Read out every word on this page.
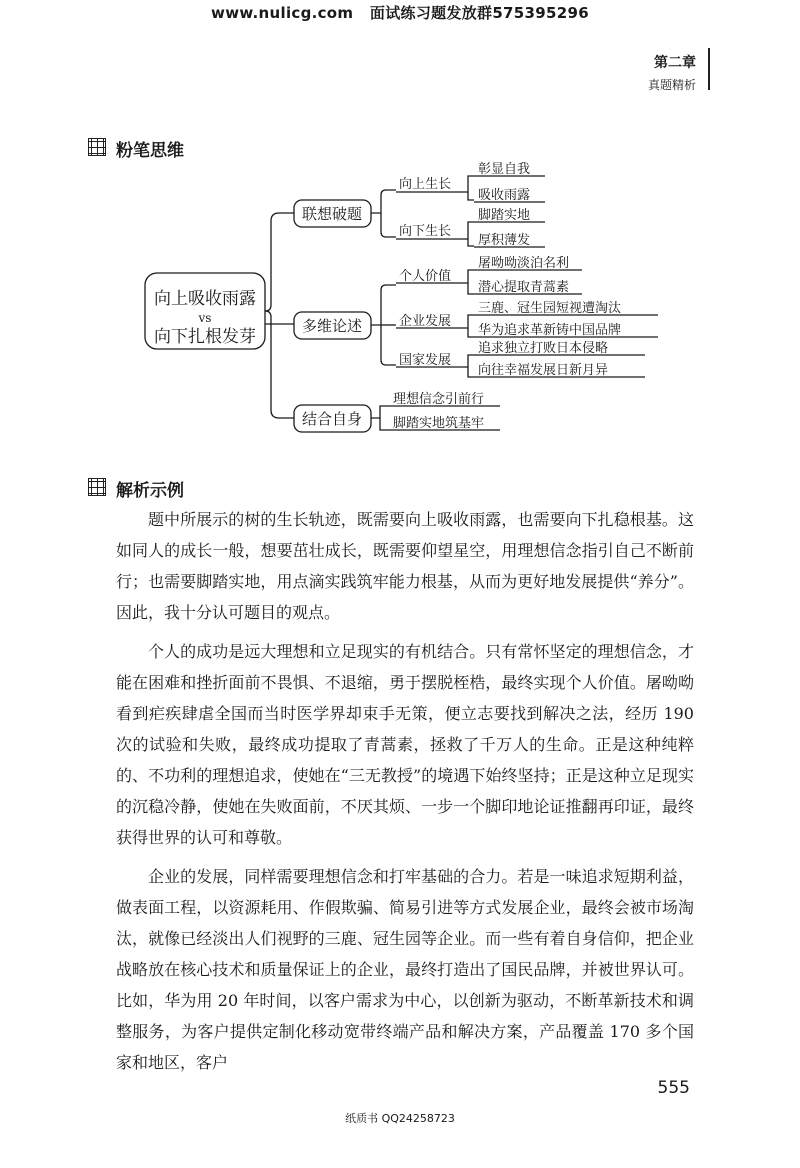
www.nulicg.com 面试练习题发放群575395296
第二章
真题精析
粉笔思维
向上吸收雨露
vs
向下扎根发芽
联想破题
多维论述
结合自身
向上生长
向下生长
彰显自我
吸收雨露
脚踏实地
厚积薄发
个人价值
企业发展
国家发展
屠呦呦淡泊名利
潜心提取青蒿素
三鹿、冠生园短视遭淘汰
华为追求革新铸中国品牌
追求独立打败日本侵略
向往幸福发展日新月异
理想信念引前行
脚踏实地筑基牢
解析示例

题中所展示的树的生长轨迹，既需要向上吸收雨露，也需要向下扎稳根基。这如同人的成长一般，想要茁壮成长，既需要仰望星空，用理想信念指引自己不断前行；也需要脚踏实地，用点滴实践筑牢能力根基，从而为更好地发展提供“养分”。因此，我十分认可题目的观点。

个人的成功是远大理想和立足现实的有机结合。只有常怀坚定的理想信念，才能在困难和挫折面前不畏惧、不退缩，勇于摆脱桎梏，最终实现个人价值。屠呦呦看到疟疾肆虐全国而当时医学界却束手无策，便立志要找到解决之法，经历 190 次的试验和失败，最终成功提取了青蒿素，拯救了千万人的生命。正是这种纯粹的、不功利的理想追求，使她在“三无教授”的境遇下始终坚持；正是这种立足现实的沉稳冷静，使她在失败面前，不厌其烦、一步一个脚印地论证推翻再印证，最终获得世界的认可和尊敬。

企业的发展，同样需要理想信念和打牢基础的合力。若是一味追求短期利益，做表面工程，以资源耗用、作假欺骗、简易引进等方式发展企业，最终会被市场淘汰，就像已经淡出人们视野的三鹿、冠生园等企业。而一些有着自身信仰，把企业战略放在核心技术和质量保证上的企业，最终打造出了国民品牌，并被世界认可。比如，华为用 20 年时间，以客户需求为中心，以创新为驱动，不断革新技术和调整服务，为客户提供定制化移动宽带终端产品和解决方案，产品覆盖 170 多个国家和地区，客户

555
纸质书 QQ24258723
